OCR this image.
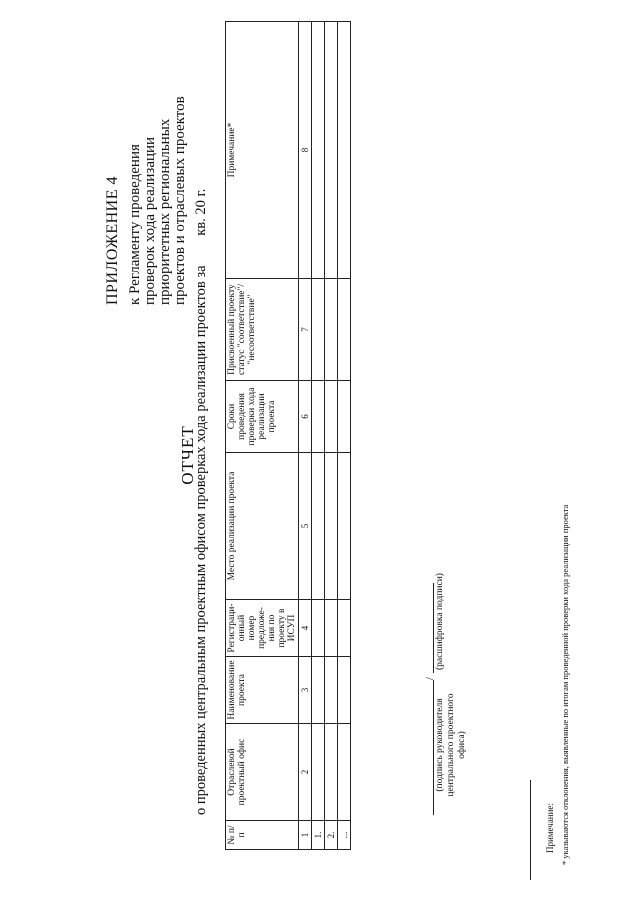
ПРИЛОЖЕНИЕ 4 к Регламенту проведения проверок хода реализации приоритетных региональных проектов и отраслевых проектов
ОТЧЕТ
о проведенных центральным проектным офисом проверках хода реализации проектов за кв. 20 г.
№ п/п	Отраслевой проектный офис	Наименование проекта	Регистраци-онный номер предложе-ния по проекту в ИСУП	Место реализации проекта	Сроки проведения проверки хода реализации проекта	Присвоенный проекту статус "соответствие"/ "несоответствие"	Примечание*
1	2	3	4	5	6	7	8
1.							
2.							
...							
/
(подпись руководителя центрального проектного офиса)
(расшифровка подписи)
Примечание: * указываются отклонения, выявленные по итогам проведенной проверки хода реализации проекта
